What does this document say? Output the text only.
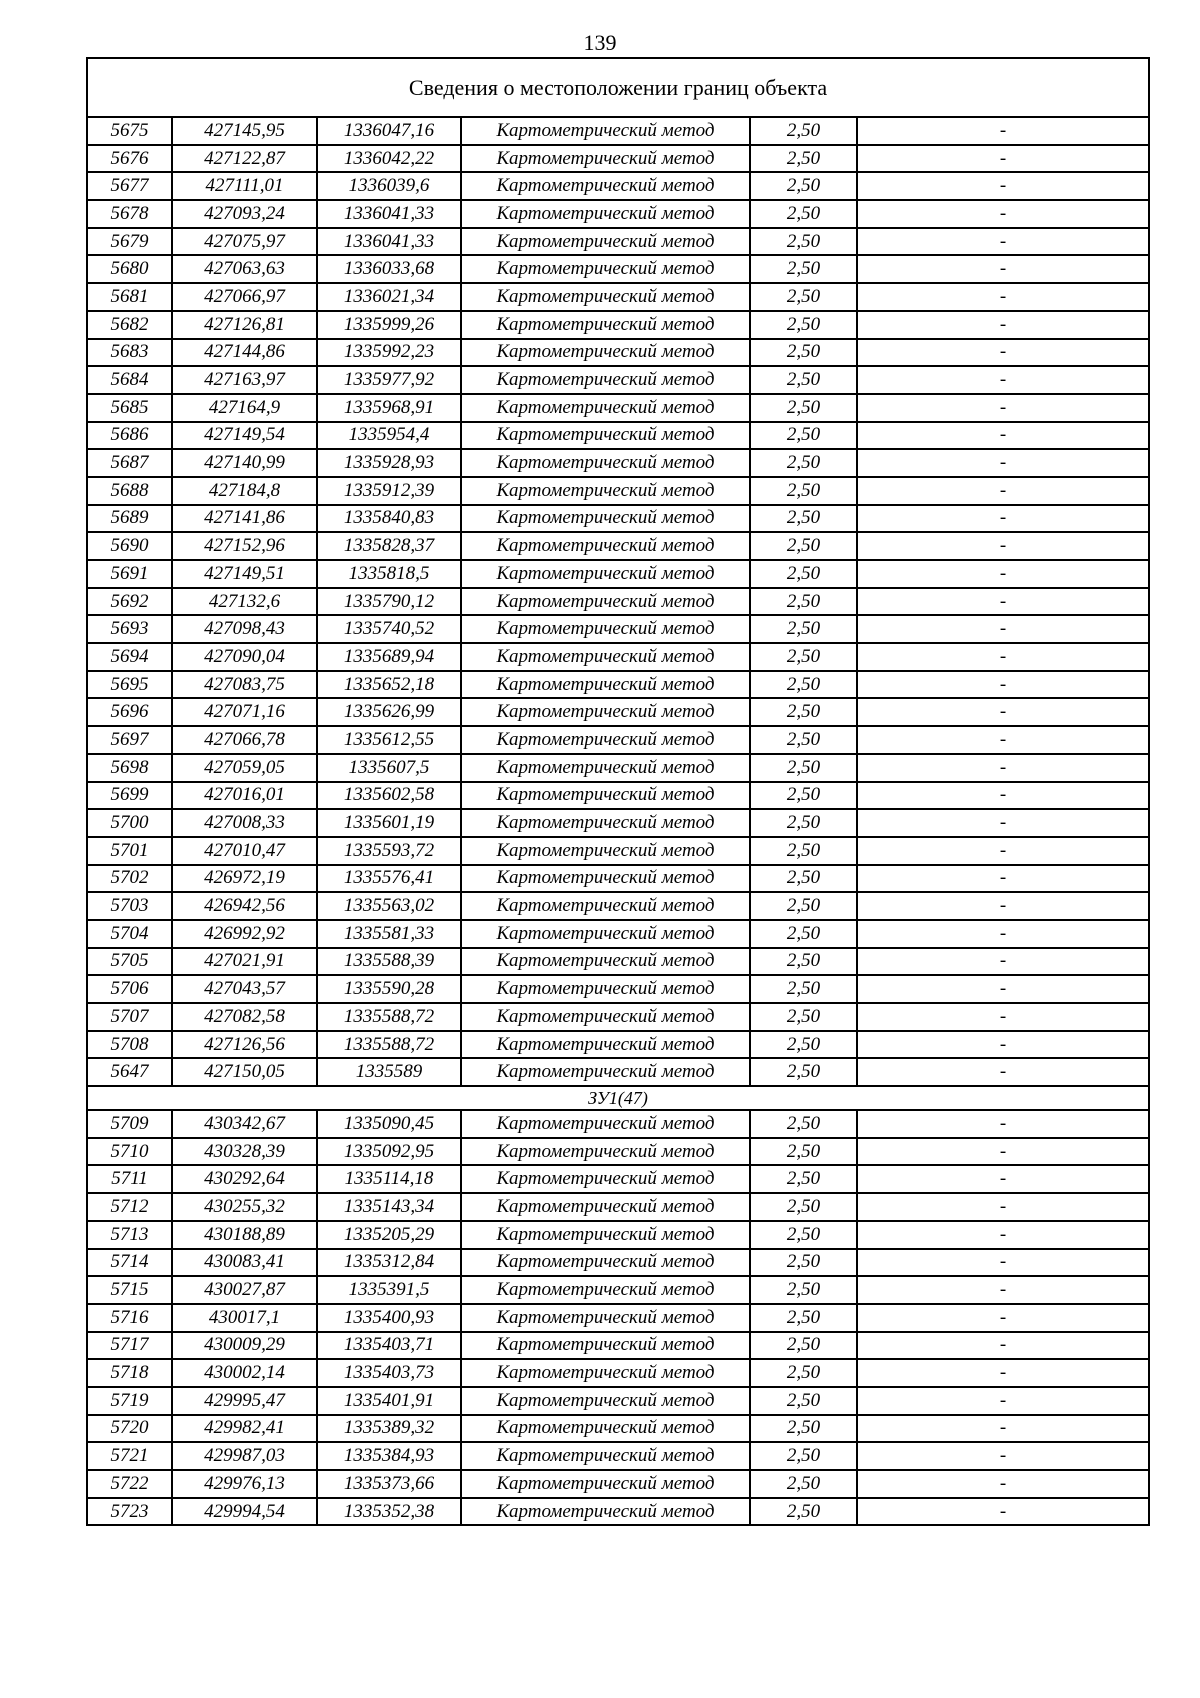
139
Сведения о местоположении границ объекта					
5675	427145,95	1336047,16	Картометрический метод	2,50	-
5676	427122,87	1336042,22	Картометрический метод	2,50	-
5677	427111,01	1336039,6	Картометрический метод	2,50	-
5678	427093,24	1336041,33	Картометрический метод	2,50	-
5679	427075,97	1336041,33	Картометрический метод	2,50	-
5680	427063,63	1336033,68	Картометрический метод	2,50	-
5681	427066,97	1336021,34	Картометрический метод	2,50	-
5682	427126,81	1335999,26	Картометрический метод	2,50	-
5683	427144,86	1335992,23	Картометрический метод	2,50	-
5684	427163,97	1335977,92	Картометрический метод	2,50	-
5685	427164,9	1335968,91	Картометрический метод	2,50	-
5686	427149,54	1335954,4	Картометрический метод	2,50	-
5687	427140,99	1335928,93	Картометрический метод	2,50	-
5688	427184,8	1335912,39	Картометрический метод	2,50	-
5689	427141,86	1335840,83	Картометрический метод	2,50	-
5690	427152,96	1335828,37	Картометрический метод	2,50	-
5691	427149,51	1335818,5	Картометрический метод	2,50	-
5692	427132,6	1335790,12	Картометрический метод	2,50	-
5693	427098,43	1335740,52	Картометрический метод	2,50	-
5694	427090,04	1335689,94	Картометрический метод	2,50	-
5695	427083,75	1335652,18	Картометрический метод	2,50	-
5696	427071,16	1335626,99	Картометрический метод	2,50	-
5697	427066,78	1335612,55	Картометрический метод	2,50	-
5698	427059,05	1335607,5	Картометрический метод	2,50	-
5699	427016,01	1335602,58	Картометрический метод	2,50	-
5700	427008,33	1335601,19	Картометрический метод	2,50	-
5701	427010,47	1335593,72	Картометрический метод	2,50	-
5702	426972,19	1335576,41	Картометрический метод	2,50	-
5703	426942,56	1335563,02	Картометрический метод	2,50	-
5704	426992,92	1335581,33	Картометрический метод	2,50	-
5705	427021,91	1335588,39	Картометрический метод	2,50	-
5706	427043,57	1335590,28	Картометрический метод	2,50	-
5707	427082,58	1335588,72	Картометрический метод	2,50	-
5708	427126,56	1335588,72	Картометрический метод	2,50	-
5647	427150,05	1335589	Картометрический метод	2,50	-
ЗУ1(47)					
5709	430342,67	1335090,45	Картометрический метод	2,50	-
5710	430328,39	1335092,95	Картометрический метод	2,50	-
5711	430292,64	1335114,18	Картометрический метод	2,50	-
5712	430255,32	1335143,34	Картометрический метод	2,50	-
5713	430188,89	1335205,29	Картометрический метод	2,50	-
5714	430083,41	1335312,84	Картометрический метод	2,50	-
5715	430027,87	1335391,5	Картометрический метод	2,50	-
5716	430017,1	1335400,93	Картометрический метод	2,50	-
5717	430009,29	1335403,71	Картометрический метод	2,50	-
5718	430002,14	1335403,73	Картометрический метод	2,50	-
5719	429995,47	1335401,91	Картометрический метод	2,50	-
5720	429982,41	1335389,32	Картометрический метод	2,50	-
5721	429987,03	1335384,93	Картометрический метод	2,50	-
5722	429976,13	1335373,66	Картометрический метод	2,50	-
5723	429994,54	1335352,38	Картометрический метод	2,50	-
